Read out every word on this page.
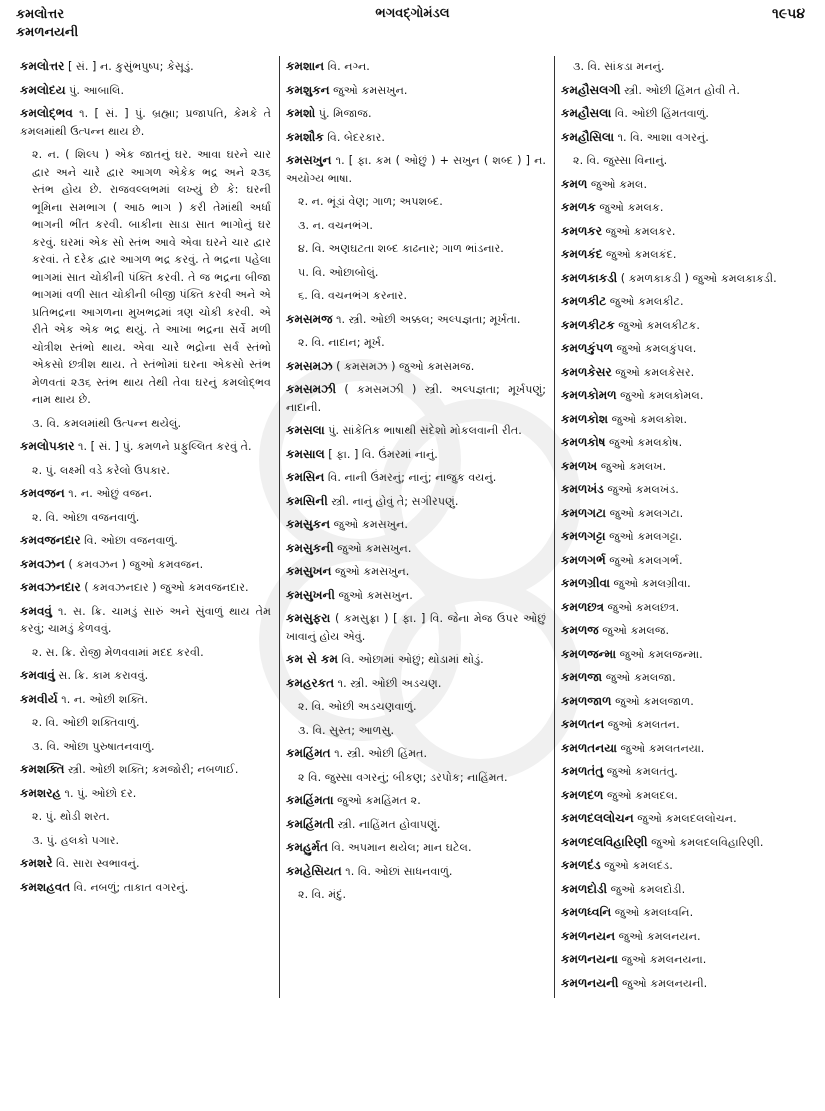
કમલોત્તર
કમળનયની
ભગવદ્ગોમંડલ	૧૯૫૪
કમલોત્તર [ સં. ] ન. કુસુંભપુષ્પ; કેસૂડું.
કમલોદય પું. આબાલિ.
કમલોદ્ભવ ૧. [ સં. ] પું. બ્રહ્મા; પ્રજાપતિ, કેમકે તે કમલમાંથી ઉત્પન્ન થાય છે.
૨. ન. ( શિલ્પ ) એક જાતનું ઘર. આવા ઘરને ચાર દ્વાર અને ચારે દ્વાર આગળ એકેક ભદ્ર અને ૨૩૬ સ્તંભ હોય છે. રાજવલ્લભમાં લખ્યું છે કે: ઘરની ભૂમિના સમભાગ ( આઠ ભાગ ) કરી તેમાંથી અર્ધા ભાગની ભીંત કરવી. બાકીના સાડા સાત ભાગોનું ઘર કરવું. ઘરમાં એક સો સ્તંભ આવે એવા ઘરને ચાર દ્વાર કરવાં. તે દરેક દ્વાર આગળ ભદ્ર કરવું. તે ભદ્રના પહેલા ભાગમાં સાત ચોકીની પંક્તિ કરવી. તે જ ભદ્રના બીજા ભાગમાં વળી સાત ચોકીની બીજી પંક્તિ કરવી અને એ પ્રતિભદ્રના આગળના મુખભદ્રમાં ત્રણ ચોકી કરવી. એ રીતે એક એક ભદ્ર થયું. તે આખા ભદ્રના સર્વે મળી ચોત્રીશ સ્તંભો થાય. એવા ચારે ભદ્રોના સર્વ સ્તંભો એકસો છત્રીશ થાય. તે સ્તંભોમાં ઘરના એકસો સ્તંભ મેળવતાં ૨૩૬ સ્તંભ થાય તેથી તેવા ઘરનું કમલોદ્ભવ નામ થાય છે.
૩. વિ. કમલમાંથી ઉત્પન્ન થયેલું.
કમલોપકાર ૧. [ સં. ] પું. કમળને પ્રફુલ્લિત કરવું તે.
૨. પું. લક્ષ્મી વડે કરેલો ઉપકાર.
કમવજન ૧. ન. ઓછું વજન.
૨. વિ. ઓછા વજનવાળું.
કમવજનદાર વિ. ઓછા વજનવાળું.
કમવઝન ( કમવઝન ) જુઓ કમવજન.
કમવઝનદાર ( કમવઝનદાર ) જુઓ કમવજનદાર.
કમવવું ૧. સ. ક્રિ. ચામડું સારું અને સુંવાળું થાય તેમ કરવું; ચામડું કેળવવું.
૨. સ. ક્રિ. રોજી મેળવવામાં મદદ કરવી.
કમવાવું સ. ક્રિ. કામ કરાવવું.
કમવીર્ય ૧. ન. ઓછી શક્તિ.
૨. વિ. ઓછી શક્તિવાળું.
૩. વિ. ઓછા પુરુષાતનવાળું.
કમશક્તિ સ્ત્રી. ઓછી શક્તિ; કમજોરી; નબળાઈ.
કમશરહ ૧. પું. ઓછો દર.
૨. પું. થોડી શરત.
૩. પું. હલકો પગાર.
કમશરે વિ. સારા સ્વભાવનું.
કમશહવત વિ. નબળું; તાકાત વગરનું.
કમશાન વિ. નગ્ન.
કમશુકન જુઓ કમસખુન.
કમશો પું. મિજાજ.
કમશૌક વિ. બેદરકાર.
કમસખુન ૧. [ ફા. કમ ( ઓછું ) + સખુન ( શબ્દ ) ] ન. અયોગ્ય ભાષા.
૨. ન. ભૂંડાં વેણ; ગાળ; અપશબ્દ.
૩. ન. વચનભંગ.
૪. વિ. અણઘટતા શબ્દ કાઢનાર; ગાળ ભાંડનાર.
૫. વિ. ઓછાબોલું.
૬. વિ. વચનભંગ કરનાર.
કમસમજ ૧. સ્ત્રી. ઓછી અક્કલ; અલ્પજ્ઞતા; મૂર્ખતા.
૨. વિ. નાદાન; મૂર્ખ.
કમસમઝ ( કમસમઝ ) જુઓ કમસમજ.
કમસમઝી ( કમસમઝી ) સ્ત્રી. અલ્પજ્ઞતા; મૂર્ખપણું; નાદાની.
કમસલા પું. સાંકેતિક ભાષાથી સંદેશો મોકલવાની રીત.
કમસાલ [ ફા. ] વિ. ઉંમરમાં નાનું.
કમસિન વિ. નાની ઉંમરનું; નાનું; નાજુક વયનું.
કમસિની સ્ત્રી. નાનું હોવું તે; સગીરપણું.
કમસુકન જુઓ કમસખુન.
કમસુકની જુઓ કમસખુન.
કમસુખન જુઓ કમસખુન.
કમસુખની જુઓ કમસખુન.
કમસુફરા ( કમસુફ્રા ) [ ફા. ] વિ. જેના મેજ ઉપર ઓછું ખાવાનું હોય એવું.
કમ સે કમ વિ. ઓછામાં ઓછું; થોડામાં થોડું.
કમહરકત ૧. સ્ત્રી. ઓછી અડચણ.
૨. વિ. ઓછી અડચણવાળું.
૩. વિ. સુસ્ત; આળસુ.
કમહિંમત ૧. સ્ત્રી. ઓછી હિંમત.
૨ વિ. જુસ્સા વગરનું; બીકણ; ડરપોક; નાહિંમત.
કમહિંમતા જુઓ કમહિંમત ૨.
કમહિંમતી સ્ત્રી. નાહિંમત હોવાપણું.
કમહુર્મત વિ. અપમાન થયેલ; માન ઘટેલ.
કમહેસિયત ૧. વિ. ઓછાં સાધનવાળું.
૨. વિ. મંદું.
૩. વિ. સાંકડા મનનું.
કમહૌસલગી સ્ત્રી. ઓછી હિંમત હોવી તે.
કમહૌસલા વિ. ઓછી હિંમતવાળું.
કમહૌસિલા ૧. વિ. આશા વગરનું.
૨. વિ. જુસ્સા વિનાનું.
કમળ જુઓ કમલ.
કમળક જુઓ કમલક.
કમળકર જુઓ કમલકર.
કમળકંદ જુઓ કમલકંદ.
કમળકાકડી ( કમળકાકડી ) જુઓ કમલકાકડી.
કમળકીટ જુઓ કમલકીટ.
કમળકીટક જુઓ કમલકીટક.
કમળકુંપળ જુઓ કમલકુંપલ.
કમળકેસર જુઓ કમલકેસર.
કમળકોમળ જુઓ કમલકોમલ.
કમળકોશ જુઓ કમલકોશ.
કમળકોષ જુઓ કમલકોષ.
કમળખ જુઓ કમલખ.
કમળખંડ જુઓ કમલખંડ.
કમળગટા જુઓ કમલગટા.
કમળગટ્ટા જુઓ કમલગટ્ટા.
કમળગર્ભ જુઓ કમલગર્ભ.
કમળગ્રીવા જુઓ કમલગ્રીવા.
કમળછત્ર જુઓ કમલછત્ર.
કમળજ જુઓ કમલજ.
કમળજન્મા જુઓ કમલજન્મા.
કમળજા જુઓ કમલજા.
કમળજાળ જુઓ કમલજાળ.
કમળતન જુઓ કમલતન.
કમળતનયા જુઓ કમલતનયા.
કમળતંતુ જુઓ કમલતંતુ.
કમળદળ જુઓ કમલદલ.
કમળદલલોચન જુઓ કમલદલલોચન.
કમળદલવિહારિણી જુઓ કમલદલવિહારિણી.
કમળદંડ જુઓ કમલદંડ.
કમળદોડી જુઓ કમલદોડી.
કમળધ્વનિ જુઓ કમલધ્વનિ.
કમળનયન જુઓ કમલનયન.
કમળનયના જુઓ કમલનયના.
કમળનયની જુઓ કમલનયની.
